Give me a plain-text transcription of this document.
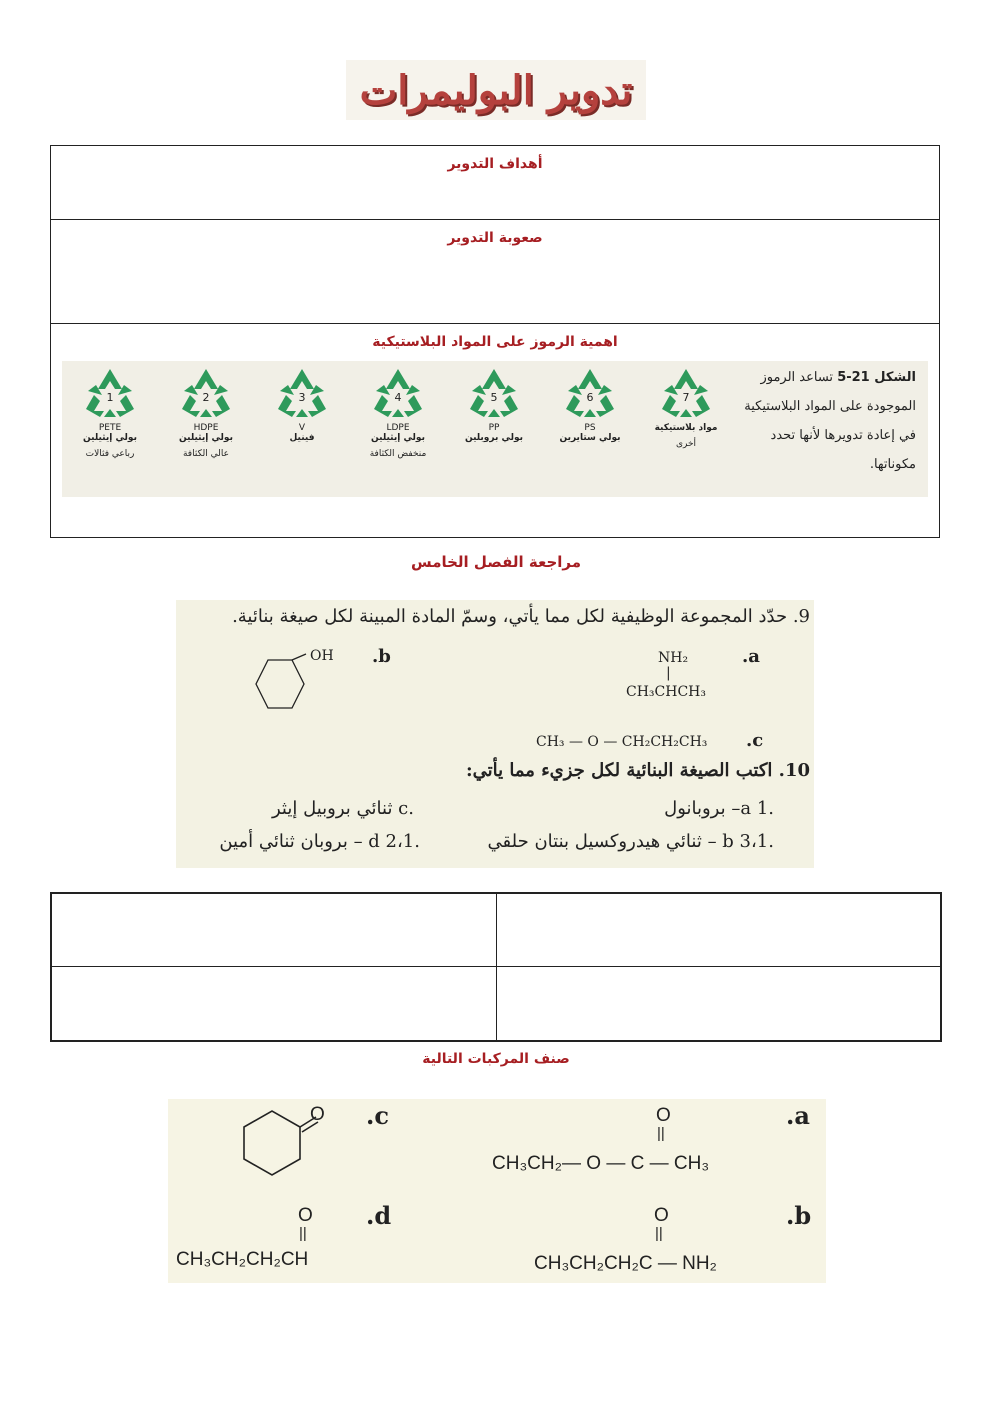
تدوير البوليمرات
أهداف التدوير
صعوبة التدوير
اهمية الرموز على المواد البلاستيكية
1
PETE
بولي إيثيلين
رباعي فثالات
2
HDPE
بولي إيثيلين
عالي الكثافة
3
V
فينيل
4
LDPE
بولي إيثيلين
منخفض الكثافة
5
PP
بولي بروبلين
6
PS
بولي ستايرين
7
مواد بلاستيكية
أخرى
الشكل 21-5 تساعد الرموز
الموجودة على المواد البلاستيكية
في إعادة تدويرها لأنها تحدد
مكوناتها.
مراجعة الفصل الخامس
9. حدّد المجموعة الوظيفية لكل مما يأتي، وسمّ المادة المبينة لكل صيغة بنائية.
.a
NH₂
|
CH₃CHCH₃
.b
OH
.c
CH₃ — O — CH₂CH₂CH₃
10. اكتب الصيغة البنائية لكل جزيء مما يأتي:
.a 1– بروبانول
.c ثنائي بروبيل إيثر
.b 3،1 – ثنائي هيدروكسيل بنتان حلقي
.d 2،1 – بروبان ثنائي أمين
صنف المركبات التالية
.c
O	.a
O
||
CH₃CH₂— O — C — CH₃
.d
O
||
CH₃CH₂CH₂CH
.b
O
||
CH₃CH₂CH₂C — NH₂
